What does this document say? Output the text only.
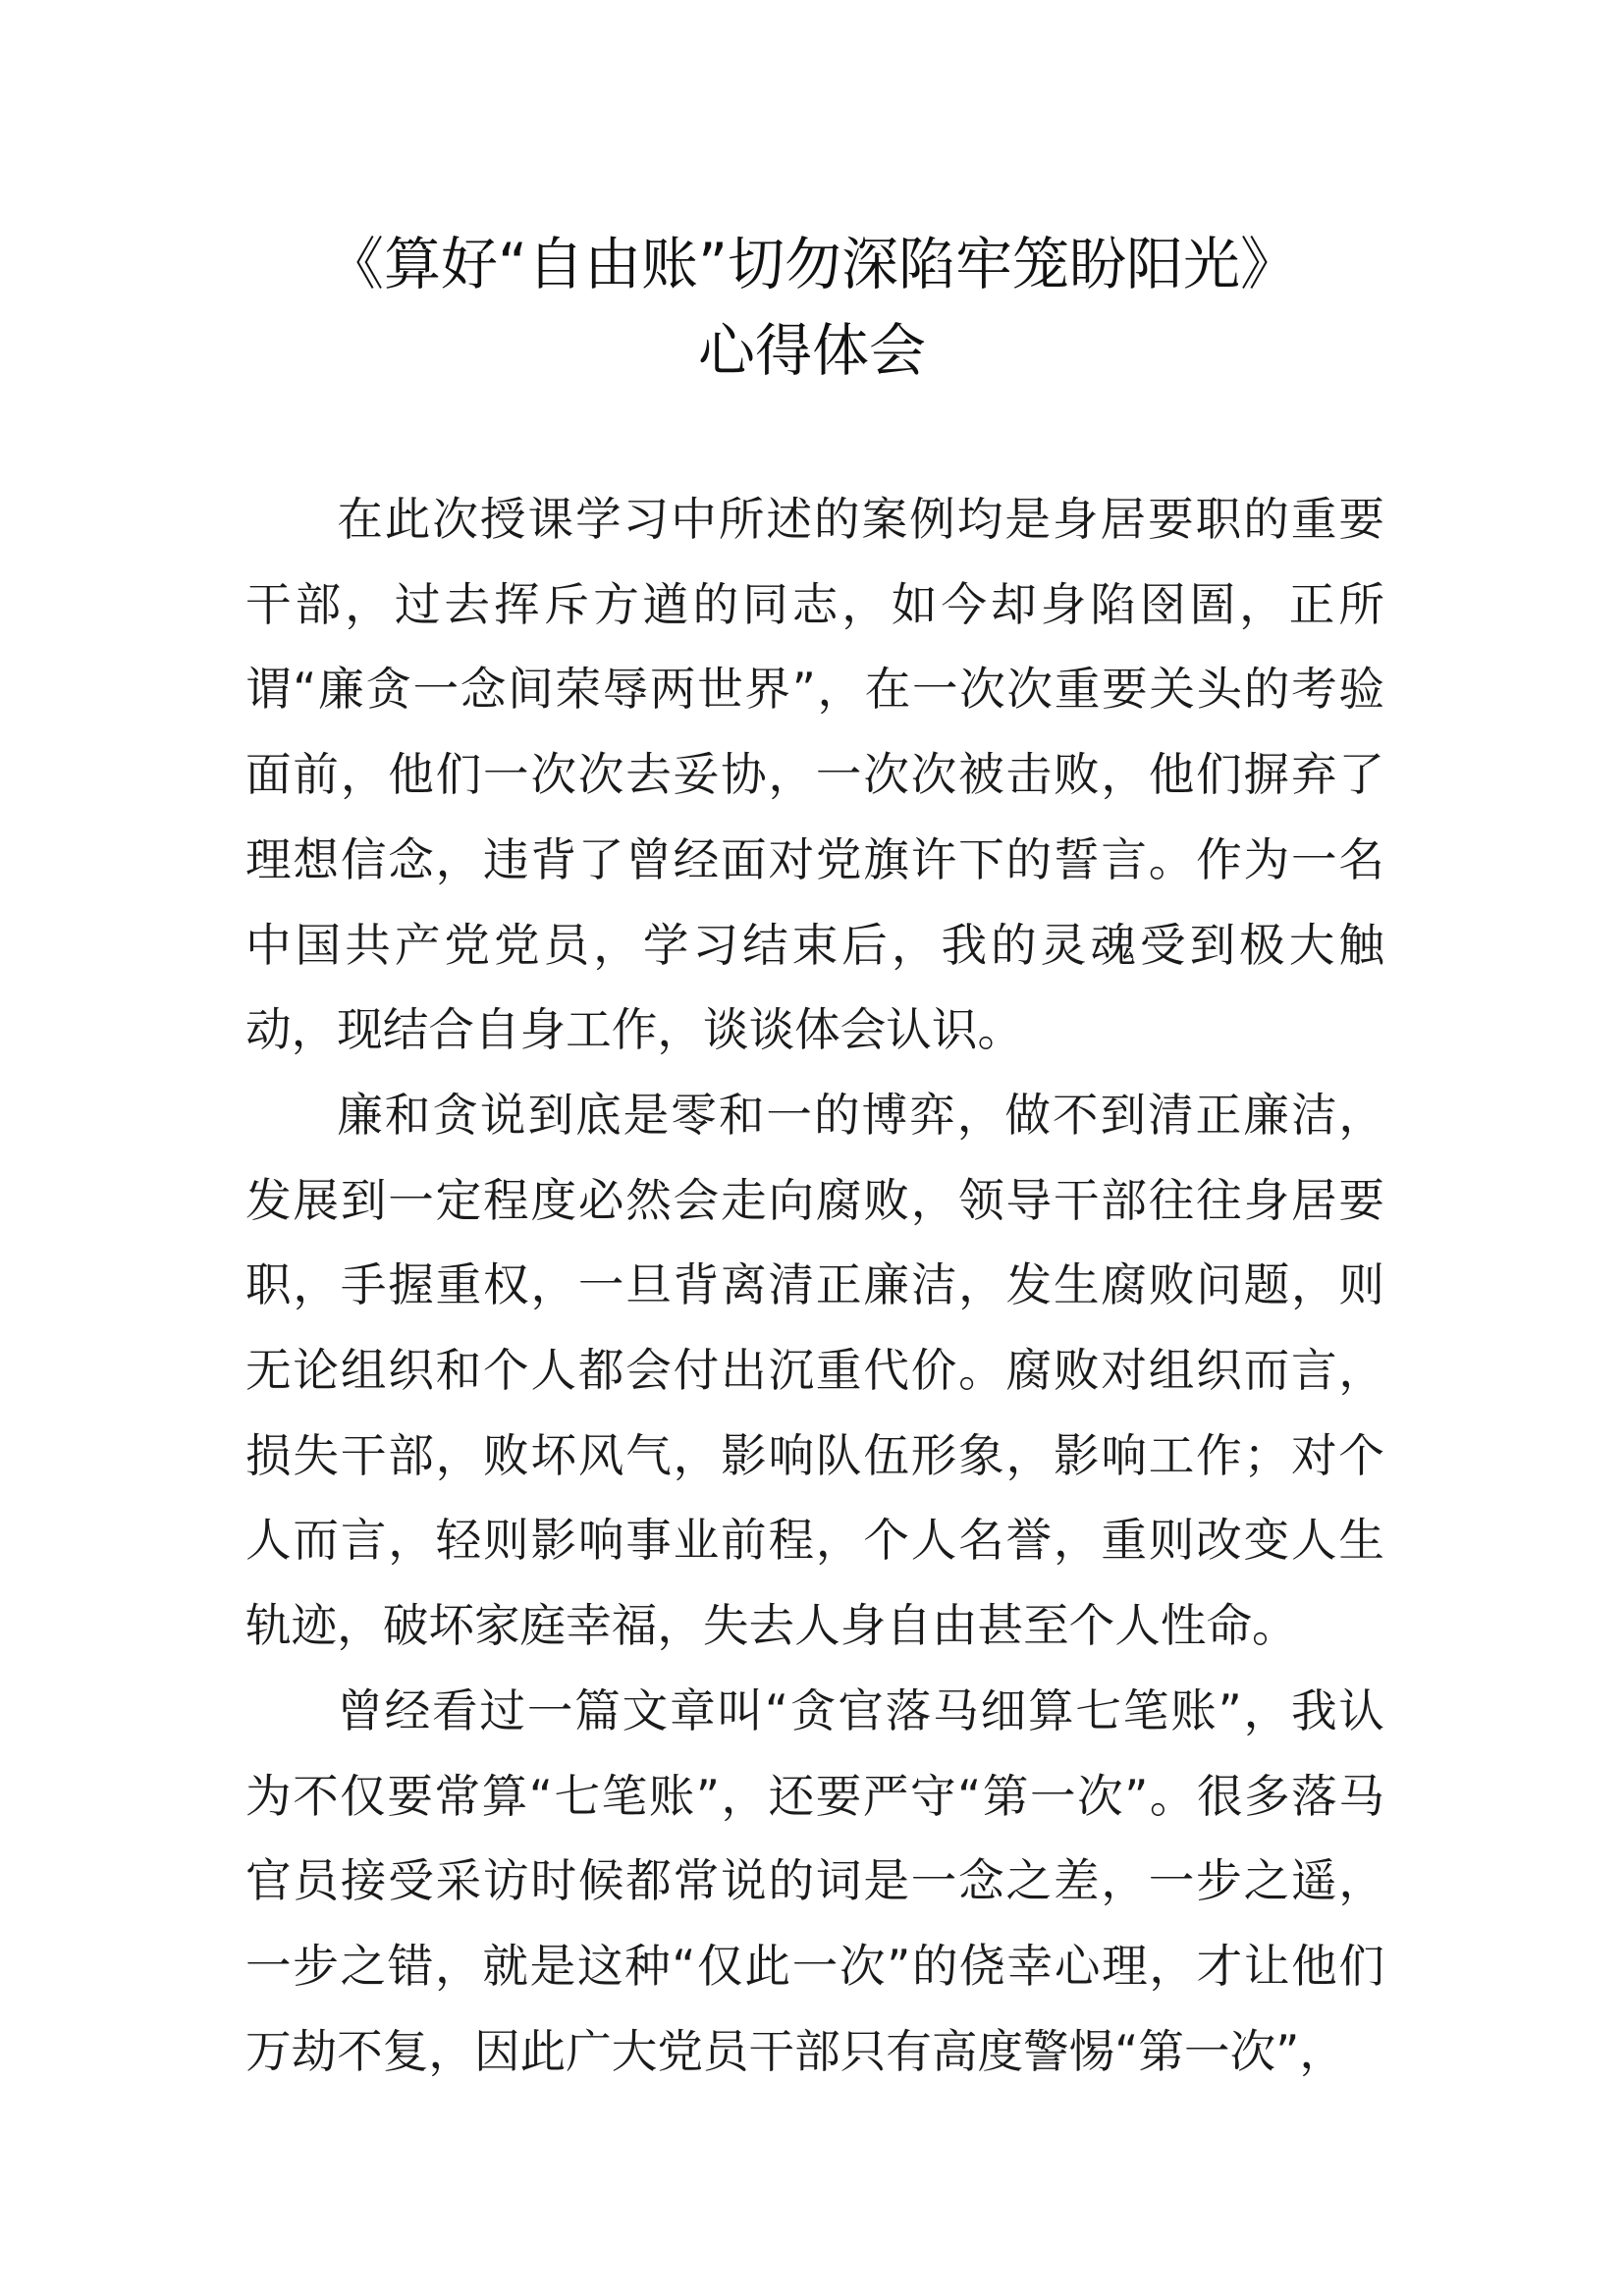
《算好“自由账”切勿深陷牢笼盼阳光》
心得体会

在此次授课学习中所述的案例均是身居要职的重要干部，过去挥斥方遒的同志，如今却身陷囹圄，正所谓“廉贪一念间荣辱两世界”，在一次次重要关头的考验面前，他们一次次去妥协，一次次被击败，他们摒弃了理想信念，违背了曾经面对党旗许下的誓言。作为一名中国共产党党员，学习结束后，我的灵魂受到极大触动，现结合自身工作，谈谈体会认识。

廉和贪说到底是零和一的博弈，做不到清正廉洁，发展到一定程度必然会走向腐败，领导干部往往身居要职，手握重权，一旦背离清正廉洁，发生腐败问题，则无论组织和个人都会付出沉重代价。腐败对组织而言，损失干部，败坏风气，影响队伍形象，影响工作；对个人而言，轻则影响事业前程，个人名誉，重则改变人生轨迹，破坏家庭幸福，失去人身自由甚至个人性命。

曾经看过一篇文章叫“贪官落马细算七笔账”，我认为不仅要常算“七笔账”，还要严守“第一次”。很多落马官员接受采访时候都常说的词是一念之差，一步之遥，一步之错，就是这种“仅此一次”的侥幸心理，才让他们万劫不复，因此广大党员干部只有高度警惕“第一次”，
